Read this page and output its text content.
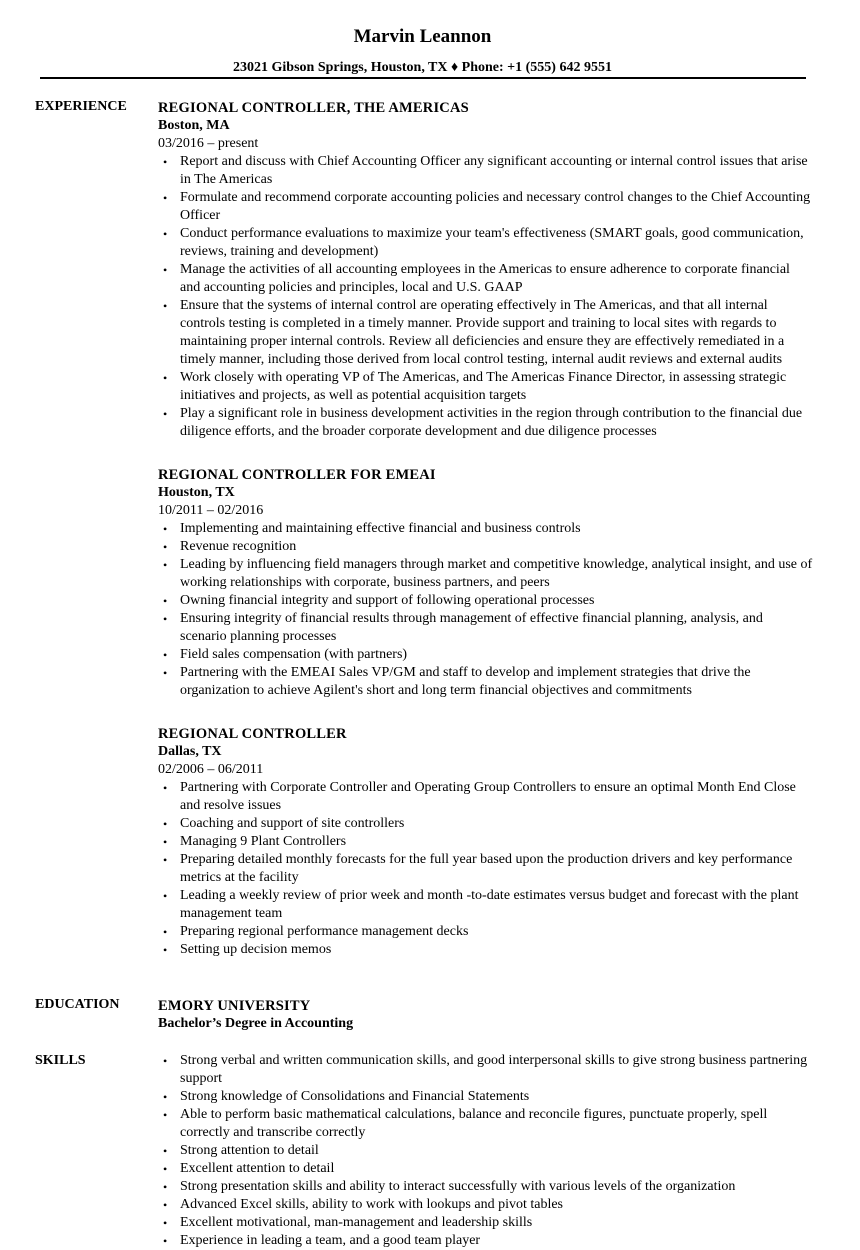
Marvin Leannon
23021 Gibson Springs, Houston, TX ♦ Phone: +1 (555) 642 9551
EXPERIENCE REGIONAL CONTROLLER, THE AMERICAS
Boston, MA
03/2016 – present
• Report and discuss with Chief Accounting Officer any significant accounting or internal control issues that arise in The Americas
• Formulate and recommend corporate accounting policies and necessary control changes to the Chief Accounting Officer
• Conduct performance evaluations to maximize your team's effectiveness (SMART goals, good communication, reviews, training and development)
• Manage the activities of all accounting employees in the Americas to ensure adherence to corporate financial and accounting policies and principles, local and U.S. GAAP
• Ensure that the systems of internal control are operating effectively in The Americas, and that all internal controls testing is completed in a timely manner. Provide support and training to local sites with regards to maintaining proper internal controls. Review all deficiencies and ensure they are effectively remediated in a timely manner, including those derived from local control testing, internal audit reviews and external audits
• Work closely with operating VP of The Americas, and The Americas Finance Director, in assessing strategic initiatives and projects, as well as potential acquisition targets
• Play a significant role in business development activities in the region through contribution to the financial due diligence efforts, and the broader corporate development and due diligence processes
REGIONAL CONTROLLER FOR EMEAI
Houston, TX
10/2011 – 02/2016
• Implementing and maintaining effective financial and business controls
• Revenue recognition
• Leading by influencing field managers through market and competitive knowledge, analytical insight, and use of working relationships with corporate, business partners, and peers
• Owning financial integrity and support of following operational processes
• Ensuring integrity of financial results through management of effective financial planning, analysis, and scenario planning processes
• Field sales compensation (with partners)
• Partnering with the EMEAI Sales VP/GM and staff to develop and implement strategies that drive the organization to achieve Agilent's short and long term financial objectives and commitments
REGIONAL CONTROLLER
Dallas, TX
02/2006 – 06/2011
• Partnering with Corporate Controller and Operating Group Controllers to ensure an optimal Month End Close and resolve issues
• Coaching and support of site controllers
• Managing 9 Plant Controllers
• Preparing detailed monthly forecasts for the full year based upon the production drivers and key performance metrics at the facility
• Leading a weekly review of prior week and month -to-date estimates versus budget and forecast with the plant management team
• Preparing regional performance management decks
• Setting up decision memos
EDUCATION	EMORY UNIVERSITY
Bachelor’s Degree in Accounting
SKILLS
•	Strong verbal and written communication skills, and good interpersonal skills to give strong business partnering support
• Strong knowledge of Consolidations and Financial Statements
• Able to perform basic mathematical calculations, balance and reconcile figures, punctuate properly, spell correctly and transcribe correctly
• Strong attention to detail
• Excellent attention to detail
• Strong presentation skills and ability to interact successfully with various levels of the organization
• Advanced Excel skills, ability to work with lookups and pivot tables
• Excellent motivational, man-management and leadership skills
• Experience in leading a team, and a good team player
